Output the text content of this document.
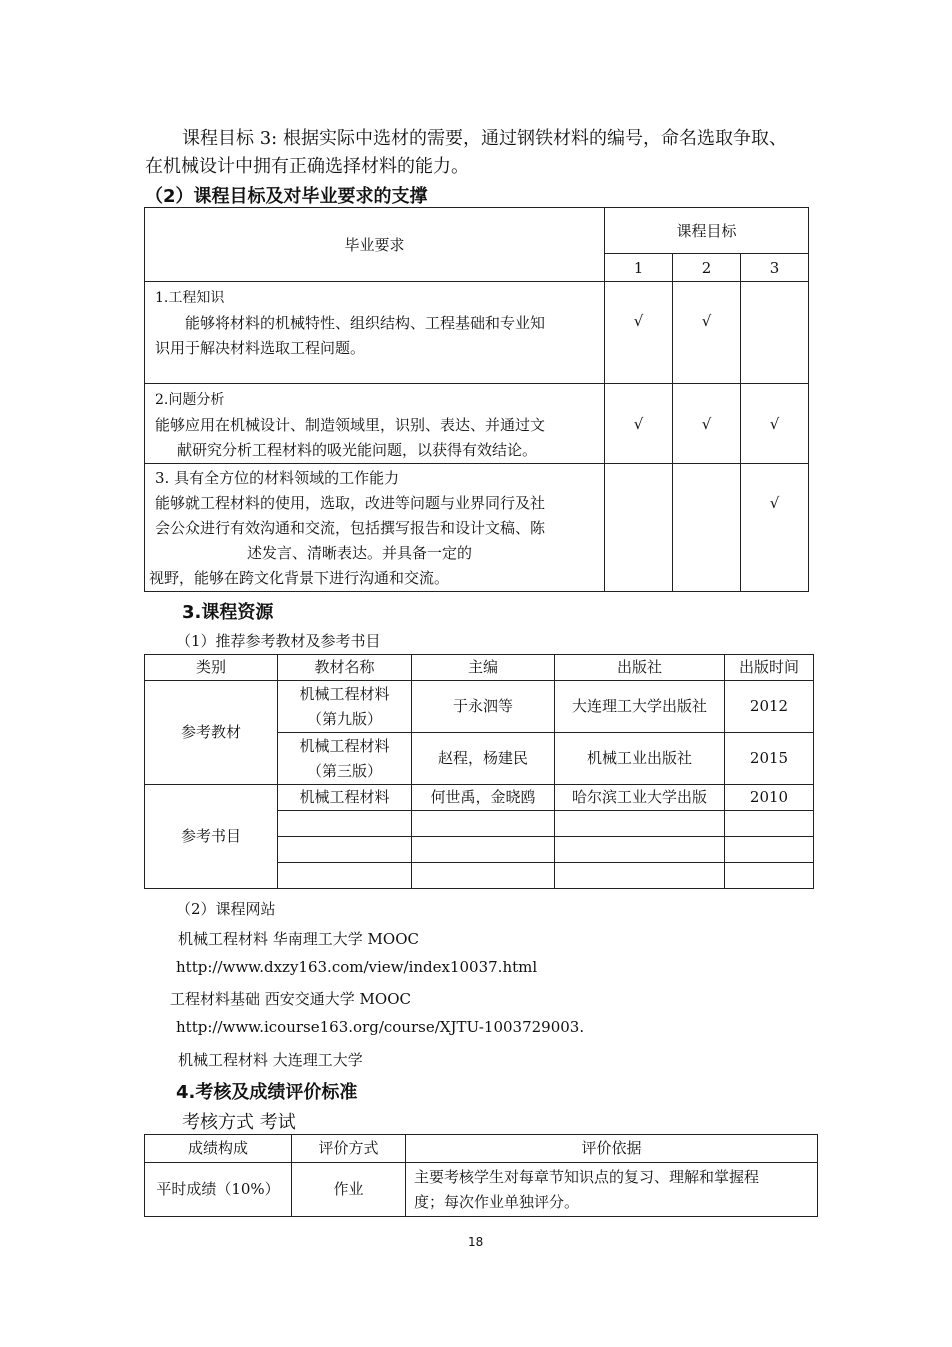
课程目标 3: 根据实际中选材的需要，通过钢铁材料的编号，命名选取争取、
在机械设计中拥有正确选择材料的能力。
（2）课程目标及对毕业要求的支撑
毕业要求	课程目标		
	1	2	3

1.工程知识
能够将材料的机械特性、组织结构、工程基础和专业知
识用于解决材料选取工程问题。	√	√	

2.问题分析
能够应用在机械设计、制造领域里，识别、表达、并通过文
献研究分析工程材料的吸光能问题，以获得有效结论。	√	√	√

3. 具有全方位的材料领域的工作能力
能够就工程材料的使用，选取，改进等问题与业界同行及社
会公众进行有效沟通和交流，包括撰写报告和设计文稿、陈
述发言、清晰表达。并具备一定的
视野，能够在跨文化背景下进行沟通和交流。			√
3.课程资源
（1）推荐参考教材及参考书目
类别	教材名称	主编	出版社	出版时间
参考教材	机械工程材料
（第九版）	于永泗等	大连理工大学出版社	2012

	机械工程材料
（第三版）	赵程，杨建民	机械工业出版社	2015
参考书目	机械工程材料	何世禹，金晓鸥	哈尔滨工业大学出版	2010

（2）课程网站
机械工程材料 华南理工大学 MOOC
http://www.dxzy163.com/view/index10037.html
工程材料基础 西安交通大学 MOOC
http://www.icourse163.org/course/XJTU-1003729003.
机械工程材料 大连理工大学
4.考核及成绩评价标准
考核方式 考试
成绩构成	评价方式	评价依据
平时成绩（10%）	作业	主要考核学生对每章节知识点的复习、理解和掌握程
度；每次作业单独评分。
18
